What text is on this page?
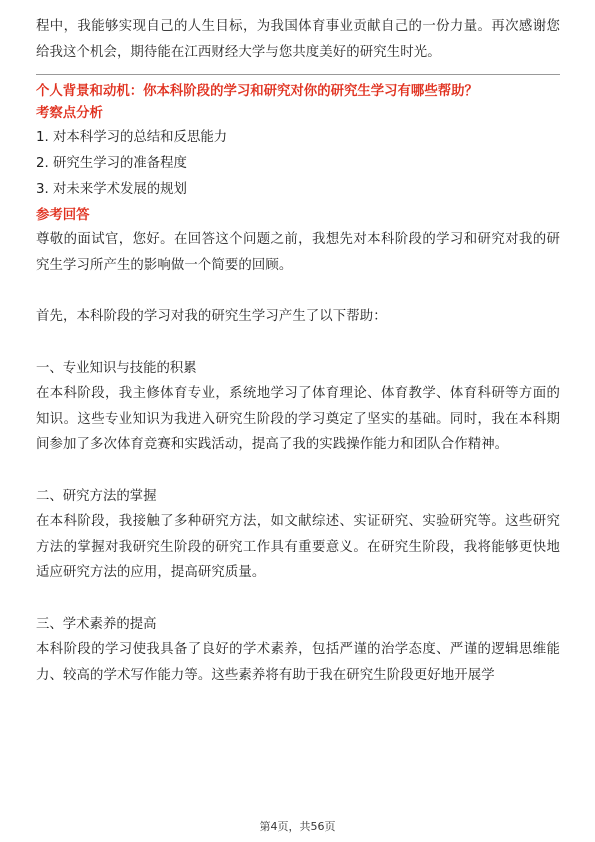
程中，我能够实现自己的人生目标，为我国体育事业贡献自己的一份力量。再次感谢您给我这个机会，期待能在江西财经大学与您共度美好的研究生时光。

个人背景和动机：你本科阶段的学习和研究对你的研究生学习有哪些帮助？

考察点分析

1. 对本科学习的总结和反思能力

2. 研究生学习的准备程度

3. 对未来学术发展的规划

参考回答

尊敬的面试官，您好。在回答这个问题之前，我想先对本科阶段的学习和研究对我的研究生学习所产生的影响做一个简要的回顾。

首先，本科阶段的学习对我的研究生学习产生了以下帮助：

一、专业知识与技能的积累

在本科阶段，我主修体育专业，系统地学习了体育理论、体育教学、体育科研等方面的知识。这些专业知识为我进入研究生阶段的学习奠定了坚实的基础。同时，我在本科期间参加了多次体育竞赛和实践活动，提高了我的实践操作能力和团队合作精神。

二、研究方法的掌握

在本科阶段，我接触了多种研究方法，如文献综述、实证研究、实验研究等。这些研究方法的掌握对我研究生阶段的研究工作具有重要意义。在研究生阶段，我将能够更快地适应研究方法的应用，提高研究质量。

三、学术素养的提高

本科阶段的学习使我具备了良好的学术素养，包括严谨的治学态度、严谨的逻辑思维能力、较高的学术写作能力等。这些素养将有助于我在研究生阶段更好地开展学

第4页，共56页
